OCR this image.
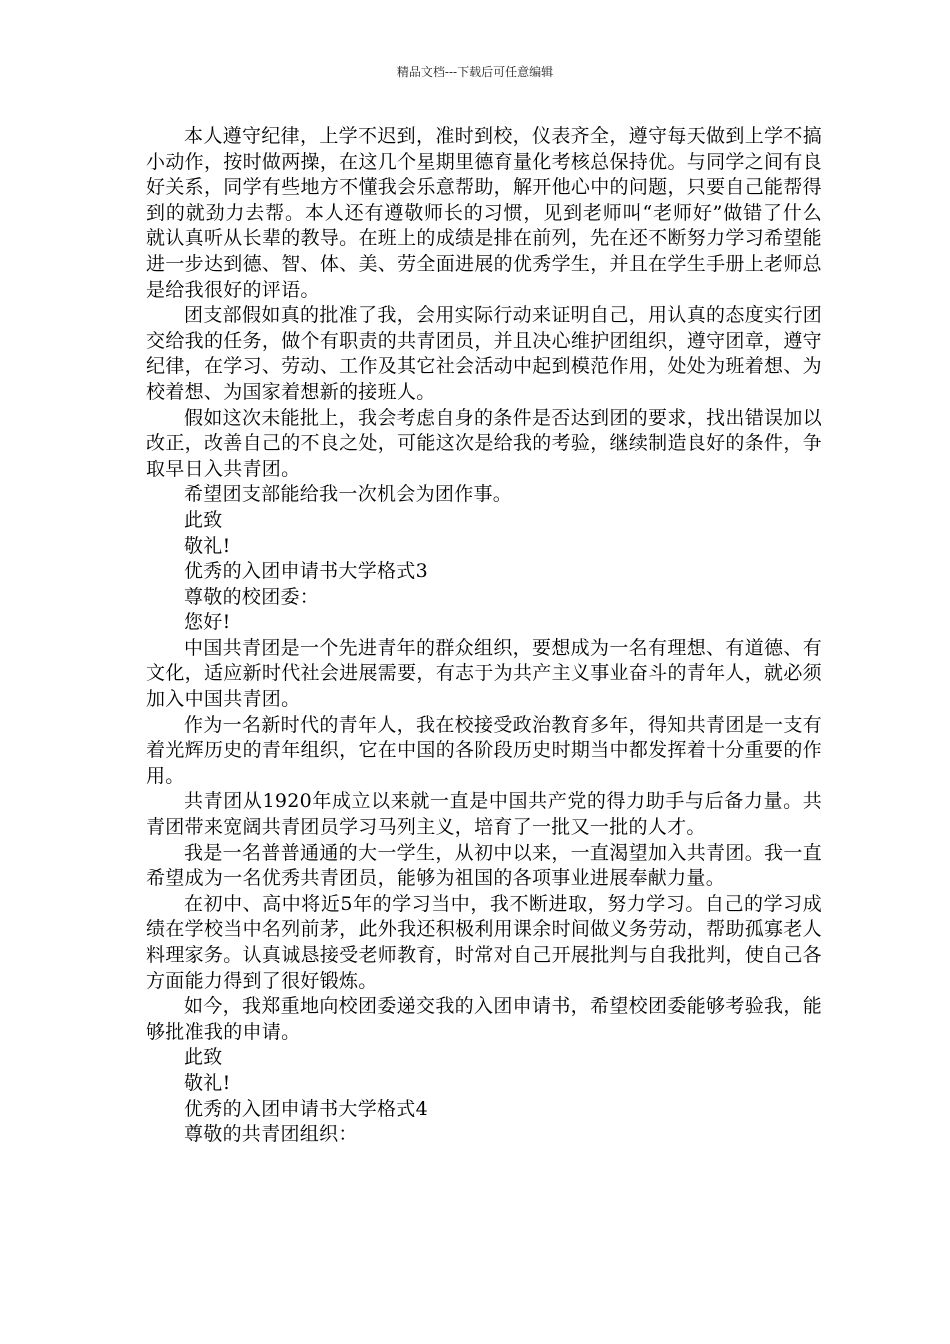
精品文档---下载后可任意编辑

本人遵守纪律，上学不迟到，准时到校，仪表齐全，遵守每天做到上学不搞小动作，按时做两操，在这几个星期里德育量化考核总保持优。与同学之间有良好关系，同学有些地方不懂我会乐意帮助，解开他心中的问题，只要自己能帮得到的就劲力去帮。本人还有遵敬师长的习惯，见到老师叫“老师好”做错了什么就认真听从长辈的教导。在班上的成绩是排在前列，先在还不断努力学习希望能进一步达到德、智、体、美、劳全面进展的优秀学生，并且在学生手册上老师总是给我很好的评语。

团支部假如真的批准了我，会用实际行动来证明自己，用认真的态度实行团交给我的任务，做个有职责的共青团员，并且决心维护团组织，遵守团章，遵守纪律，在学习、劳动、工作及其它社会活动中起到模范作用，处处为班着想、为校着想、为国家着想新的接班人。

假如这次未能批上，我会考虑自身的条件是否达到团的要求，找出错误加以改正，改善自己的不良之处，可能这次是给我的考验，继续制造良好的条件，争取早日入共青团。

希望团支部能给我一次机会为团作事。

此致

敬礼!

优秀的入团申请书大学格式3

尊敬的校团委：

您好!

中国共青团是一个先进青年的群众组织，要想成为一名有理想、有道德、有文化，适应新时代社会进展需要，有志于为共产主义事业奋斗的青年人，就必须加入中国共青团。

作为一名新时代的青年人，我在校接受政治教育多年，得知共青团是一支有着光辉历史的青年组织，它在中国的各阶段历史时期当中都发挥着十分重要的作用。

共青团从1920年成立以来就一直是中国共产党的得力助手与后备力量。共青团带来宽阔共青团员学习马列主义，培育了一批又一批的人才。

我是一名普普通通的大一学生，从初中以来，一直渴望加入共青团。我一直希望成为一名优秀共青团员，能够为祖国的各项事业进展奉献力量。

在初中、高中将近5年的学习当中，我不断进取，努力学习。自己的学习成绩在学校当中名列前茅，此外我还积极利用课余时间做义务劳动，帮助孤寡老人料理家务。认真诚恳接受老师教育，时常对自己开展批判与自我批判，使自己各方面能力得到了很好锻炼。

如今，我郑重地向校团委递交我的入团申请书，希望校团委能够考验我，能够批准我的申请。

此致

敬礼!

优秀的入团申请书大学格式4

尊敬的共青团组织：
